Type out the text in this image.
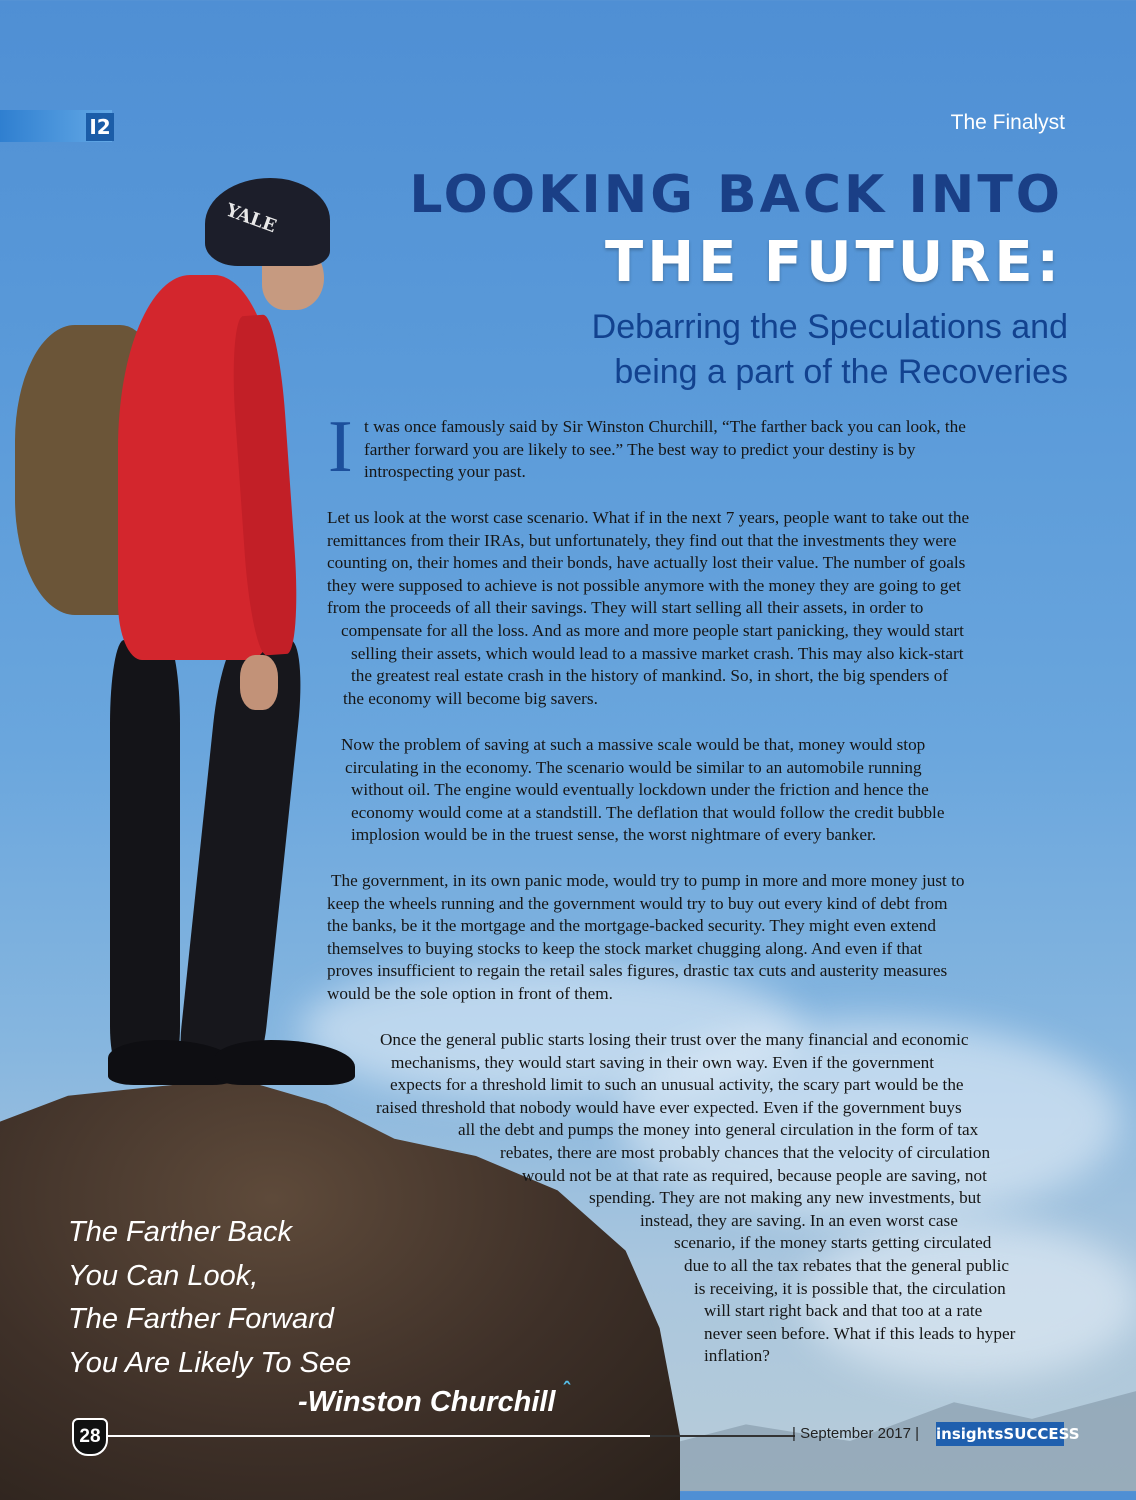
YALE
I2	The Finalyst
LOOKING BACK INTO
THE FUTURE:
Debarring the Speculations and
being a part of the Recoveries
I t was once famously said by Sir Winston Churchill, “The farther back you can look, the
farther forward you are likely to see.” The best way to predict your destiny is by
introspecting your past.
Let us look at the worst case scenario. What if in the next 7 years, people want to take out the
remittances from their IRAs, but unfortunately, they find out that the investments they were
counting on, their homes and their bonds, have actually lost their value. The number of goals
they were supposed to achieve is not possible anymore with the money they are going to get
from the proceeds of all their savings. They will start selling all their assets, in order to
compensate for all the loss. And as more and more people start panicking, they would start
selling their assets, which would lead to a massive market crash. This may also kick-start
the greatest real estate crash in the history of mankind. So, in short, the big spenders of
the economy will become big savers.
Now the problem of saving at such a massive scale would be that, money would stop
circulating in the economy. The scenario would be similar to an automobile running
without oil. The engine would eventually lockdown under the friction and hence the
economy would come at a standstill. The deflation that would follow the credit bubble
implosion would be in the truest sense, the worst nightmare of every banker.
The government, in its own panic mode, would try to pump in more and more money just to
keep the wheels running and the government would try to buy out every kind of debt from
the banks, be it the mortgage and the mortgage-backed security. They might even extend
themselves to buying stocks to keep the stock market chugging along. And even if that
proves insufficient to regain the retail sales figures, drastic tax cuts and austerity measures
would be the sole option in front of them.
Once the general public starts losing their trust over the many financial and economic
mechanisms, they would start saving in their own way. Even if the government
expects for a threshold limit to such an unusual activity, the scary part would be the
raised threshold that nobody would have ever expected. Even if the government buys
all the debt and pumps the money into general circulation in the form of tax
rebates, there are most probably chances that the velocity of circulation
would not be at that rate as required, because people are saving, not
spending. They are not making any new investments, but
instead, they are saving. In an even worst case
scenario, if the money starts getting circulated
due to all the tax rebates that the general public
is receiving, it is possible that, the circulation
will start right back and that too at a rate
never seen before. What if this leads to hyper
inflation?
The Farther Back
You Can Look,
The Farther Forward
You Are Likely To See
-Winston Churchill ˆ
28	| September 2017 | insightsSUCCESS
